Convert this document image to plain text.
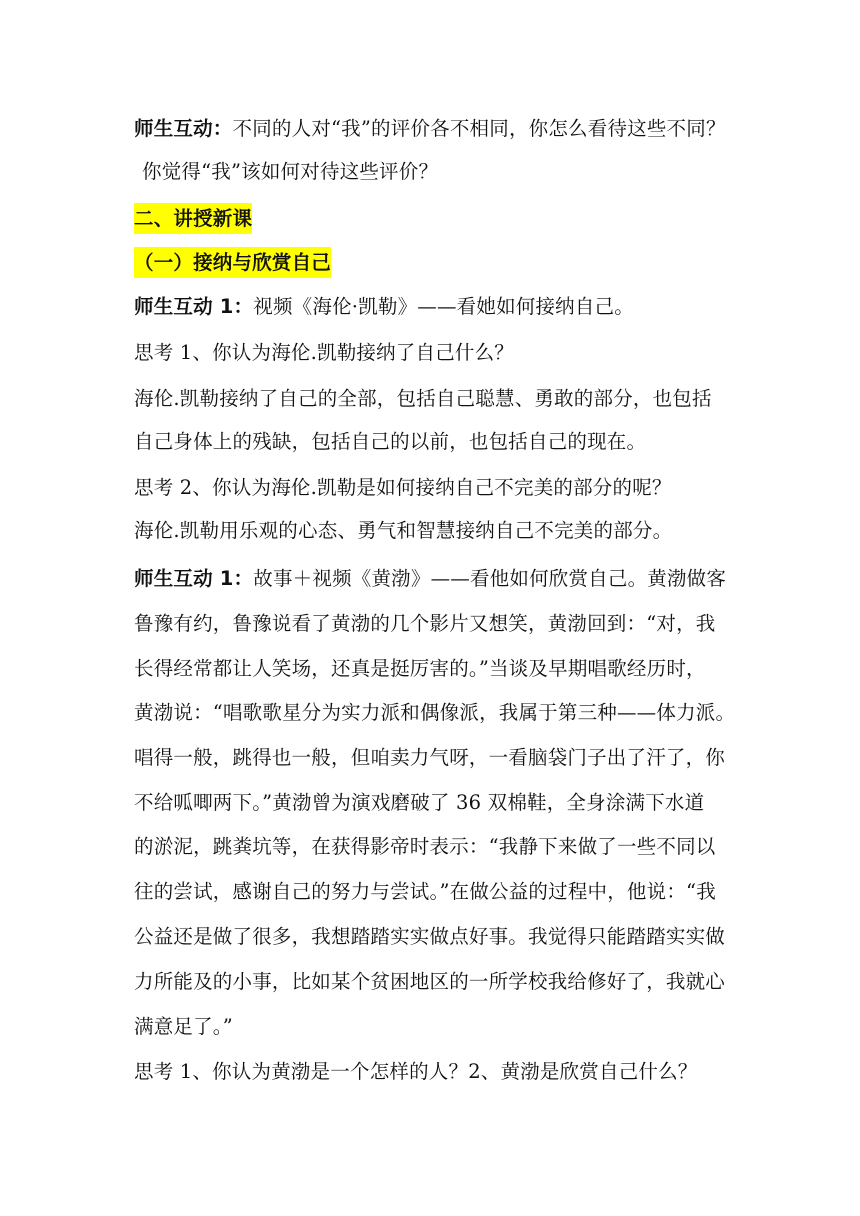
师生互动：不同的人对“我”的评价各不相同，你怎么看待这些不同？
你觉得“我”该如何对待这些评价？
二、讲授新课
（一）接纳与欣赏自己
师生互动 1：视频《海伦·凯勒》——看她如何接纳自己。
思考 1、你认为海伦.凯勒接纳了自己什么？
海伦.凯勒接纳了自己的全部，包括自己聪慧、勇敢的部分，也包括
自己身体上的残缺，包括自己的以前，也包括自己的现在。
思考 2、你认为海伦.凯勒是如何接纳自己不完美的部分的呢？
海伦.凯勒用乐观的心态、勇气和智慧接纳自己不完美的部分。
师生互动 1：故事＋视频《黄渤》——看他如何欣赏自己。黄渤做客
鲁豫有约，鲁豫说看了黄渤的几个影片又想笑，黄渤回到：“对，我
长得经常都让人笑场，还真是挺厉害的。”当谈及早期唱歌经历时，
黄渤说：“唱歌歌星分为实力派和偶像派，我属于第三种——体力派。
唱得一般，跳得也一般，但咱卖力气呀，一看脑袋门子出了汗了，你
不给呱唧两下。”黄渤曾为演戏磨破了 36 双棉鞋，全身涂满下水道
的淤泥，跳粪坑等，在获得影帝时表示：“我静下来做了一些不同以
往的尝试，感谢自己的努力与尝试。”在做公益的过程中，他说：“我
公益还是做了很多，我想踏踏实实做点好事。我觉得只能踏踏实实做
力所能及的小事，比如某个贫困地区的一所学校我给修好了，我就心
满意足了。”
思考 1、你认为黄渤是一个怎样的人？2、黄渤是欣赏自己什么？
